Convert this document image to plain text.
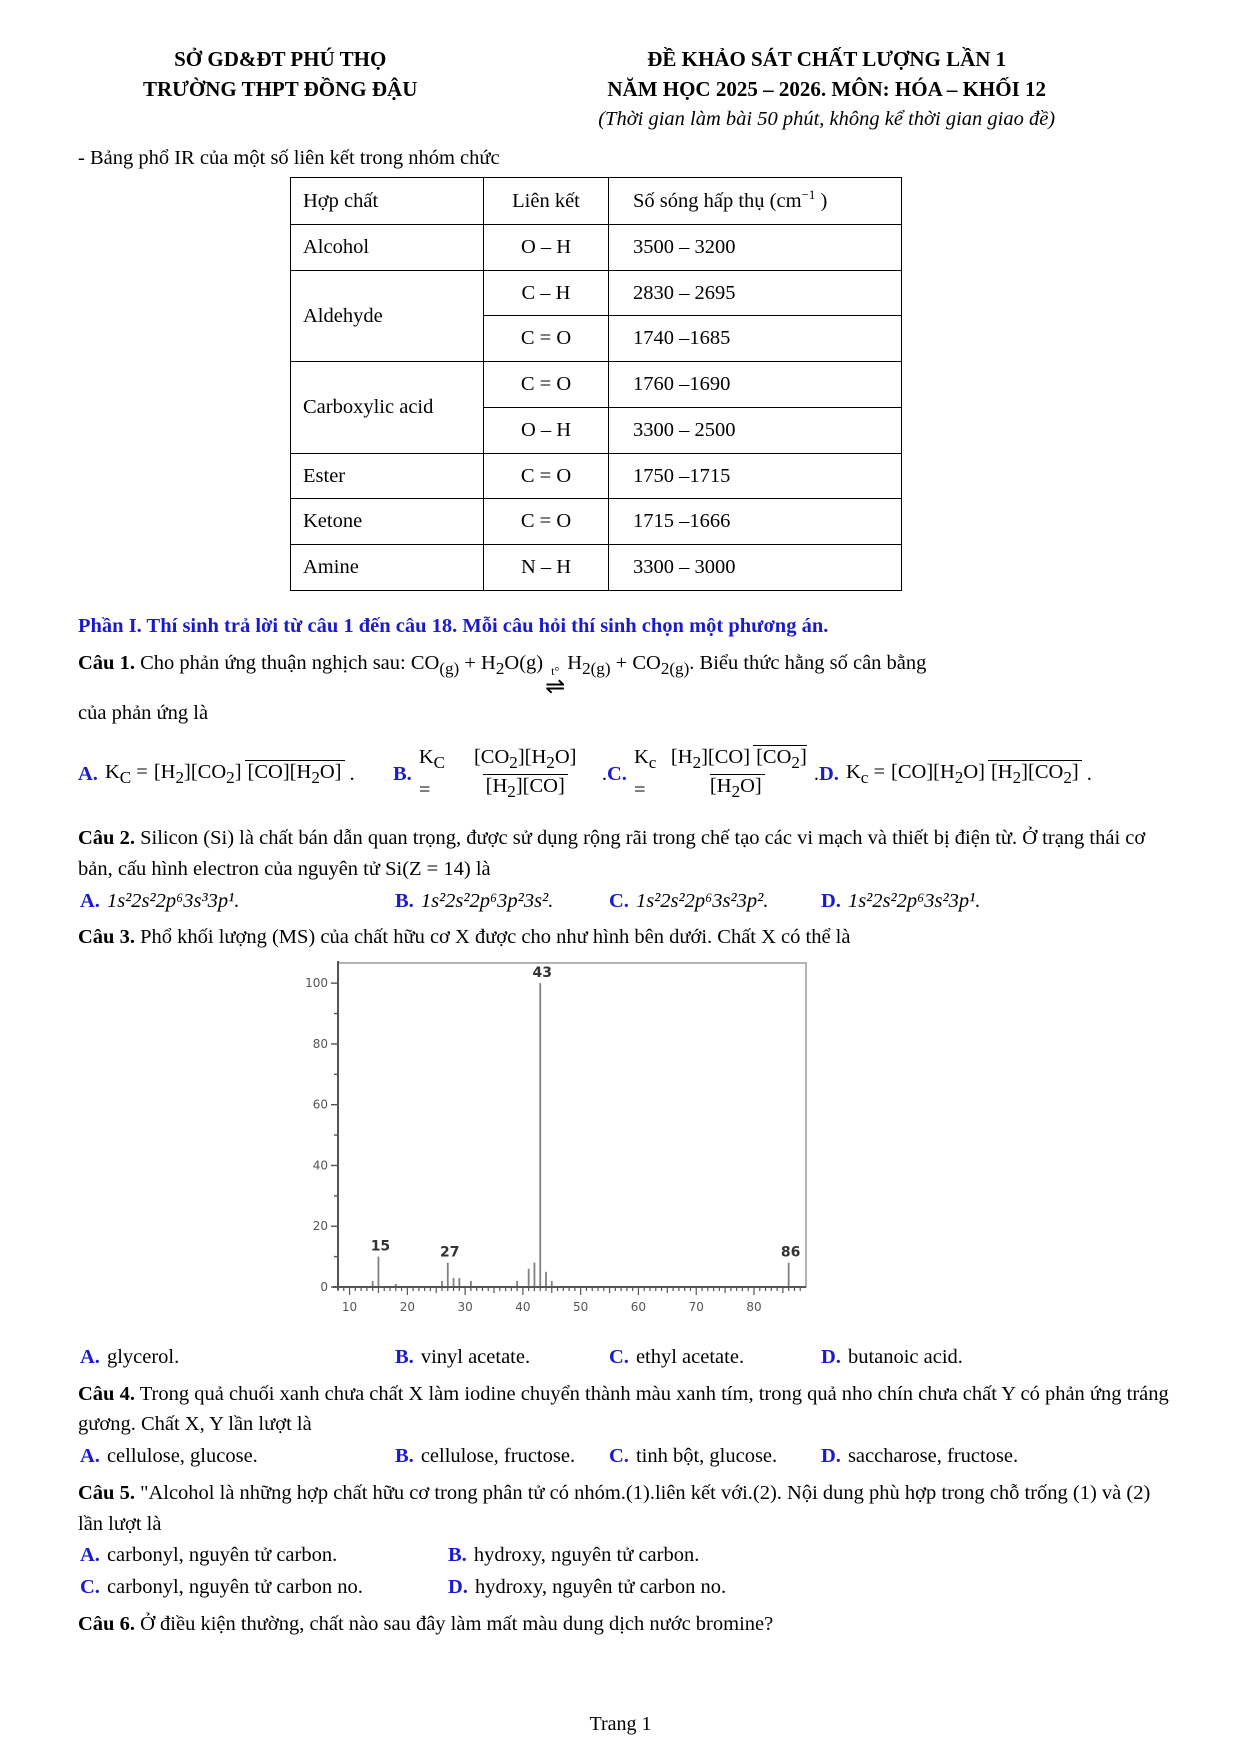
SỞ GD&ĐT PHÚ THỌ
TRƯỜNG THPT ĐỒNG ĐẬU
ĐỀ KHẢO SÁT CHẤT LƯỢNG LẦN 1
NĂM HỌC 2025 – 2026. MÔN: HÓA – KHỐI 12
(Thời gian làm bài 50 phút, không kể thời gian giao đề)
- Bảng phổ IR của một số liên kết trong nhóm chức
Hợp chất	Liên kết	Số sóng hấp thụ ($cm^{-1}$ )
Alcohol	O – H	3500 – 3200
Aldehyde	C – H	2830 – 2695
	C = O	1740 –1685
Carboxylic acid	C = O	1760 –1690
	O – H	3300 – 2500
Ester	C = O	1750 –1715
Ketone	C = O	1715 –1666
Amine	N – H	3300 – 3000
Phần I. Thí sinh trả lời từ câu 1 đến câu 18. Mỗi câu hỏi thí sinh chọn một phương án.
Câu 1. Cho phản ứng thuận nghịch sau: $CO_{(g)} + H_2O(g)$ t°
⇌
$H_{2(g)} + CO_{2(g)}$. Biểu thức hằng số cân bằng
của phản ứng là
A. $K_C = [H_2][CO_2]$ $[CO][H_2O]$ . B.
$K_C$ =	$\frac{[CO_2][H_2O]}{[H_2][CO]}$ . C.
$K_c$ =
$[H_2][CO]$ $[CO_2][H_2O]$
. D. $K_c = [CO][H_2O]$ $[H_2][CO_2]$ .
Câu 2. Silicon (Si) là chất bán dẫn quan trọng, được sử dụng rộng rãi trong chế tạo các vi mạch và thiết bị điện từ. Ở trạng thái cơ bản, cấu hình electron của nguyên tử Si(Z = 14) là
A. 1s²2s²2p⁶3s³3p¹.	B. 1s²2s²2p⁶3p²3s².	C. 1s²2s²2p⁶3s²3p².	D. 1s²2s²2p⁶3s²3p¹.
Câu 3. Phổ khối lượng (MS) của chất hữu cơ X được cho như hình bên dưới. Chất X có thể là
0
20
40
60
80
100
10	20	30	40	50	60	70	80
15	27
43
86
A. glycerol.	B. vinyl acetate.	C. ethyl acetate.	D. butanoic acid.
Câu 4. Trong quả chuối xanh chưa chất X làm iodine chuyển thành màu xanh tím, trong quả nho chín chưa chất Y có phản ứng tráng gương. Chất X, Y lần lượt là
A. cellulose, glucose.	B. cellulose, fructose. C. tinh bột, glucose. D. saccharose, fructose.
Câu 5. "Alcohol là những hợp chất hữu cơ trong phân tử có nhóm.(1).liên kết với.(2). Nội dung phù hợp trong chỗ trống (1) và (2) lần lượt là
A. carbonyl, nguyên tử carbon.	B. hydroxy, nguyên tử carbon.
C. carbonyl, nguyên tử carbon no.	D. hydroxy, nguyên tử carbon no.
Câu 6. Ở điều kiện thường, chất nào sau đây làm mất màu dung dịch nước bromine?
Trang 1
